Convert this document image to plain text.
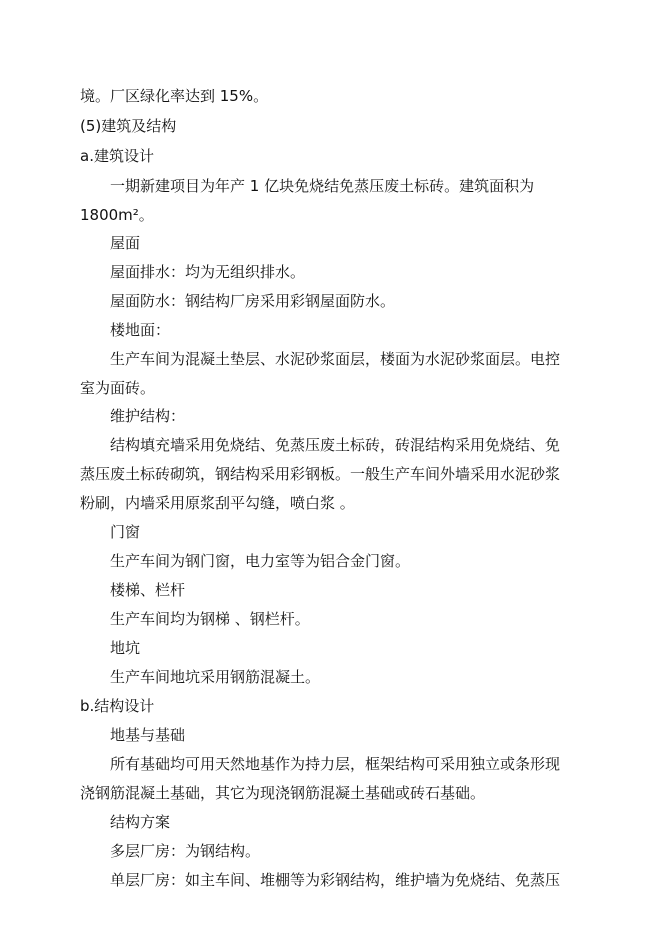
境。厂区绿化率达到 15%。
(5)建筑及结构
a.建筑设计
一期新建项目为年产 1 亿块免烧结免蒸压废土标砖。建筑面积为
1800m²。
屋面
屋面排水：均为无组织排水。
屋面防水：钢结构厂房采用彩钢屋面防水。
楼地面：
生产车间为混凝土垫层、水泥砂浆面层，楼面为水泥砂浆面层。电控
室为面砖。
维护结构：
结构填充墙采用免烧结、免蒸压废土标砖，砖混结构采用免烧结、免
蒸压废土标砖砌筑，钢结构采用彩钢板。一般生产车间外墙采用水泥砂浆
粉刷，内墙采用原浆刮平勾缝，喷白浆 。
门窗
生产车间为钢门窗，电力室等为铝合金门窗。
楼梯、栏杆
生产车间均为钢梯 、钢栏杆。
地坑
生产车间地坑采用钢筋混凝土。
b.结构设计
地基与基础
所有基础均可用天然地基作为持力层，框架结构可采用独立或条形现
浇钢筋混凝土基础，其它为现浇钢筋混凝土基础或砖石基础。
结构方案
多层厂房：为钢结构。
单层厂房：如主车间、堆棚等为彩钢结构，维护墙为免烧结、免蒸压
